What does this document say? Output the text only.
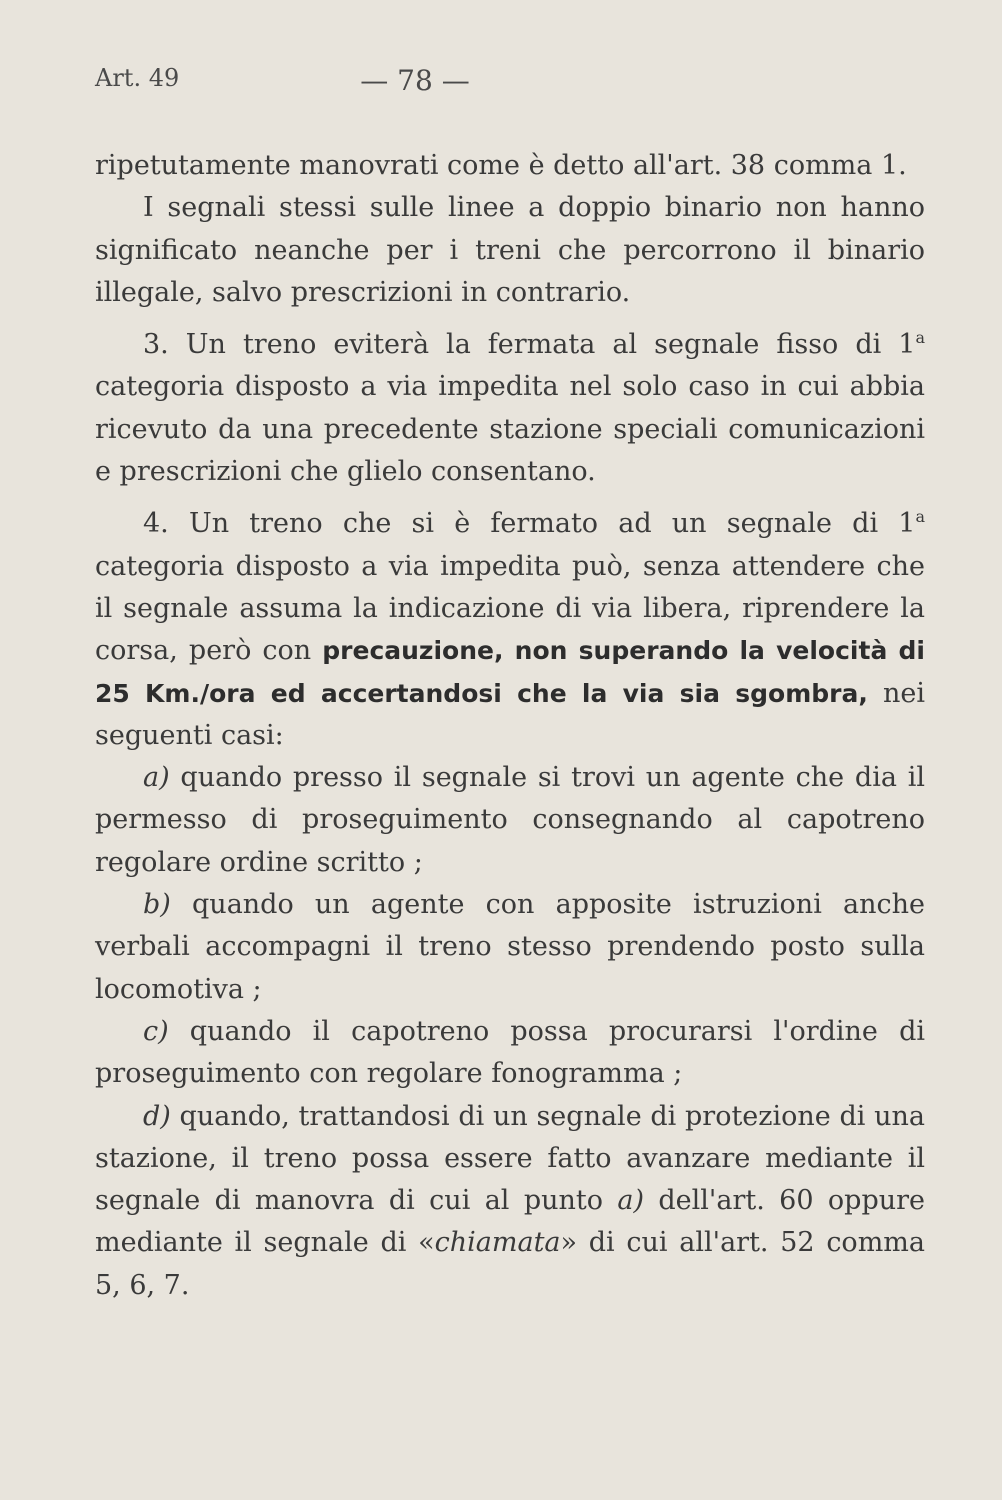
Art. 49	— 78 —

ripetutamente manovrati come è detto all'art. 38 comma 1.

I segnali stessi sulle linee a doppio binario non hanno significato neanche per i treni che percorrono il binario illegale, salvo prescrizioni in contrario.

3. Un treno eviterà la fermata al segnale fisso di 1$^a$ categoria disposto a via impedita nel solo caso in cui abbia ricevuto da una precedente stazione speciali comunicazioni e prescrizioni che glielo consentano.

4. Un treno che si è fermato ad un segnale di 1$^a$ categoria disposto a via impedita può, senza attendere che il segnale assuma la indicazione di via libera, riprendere la corsa, però con precauzione, non superando la velocità di 25 Km./ora ed accertandosi che la via sia sgombra, nei seguenti casi:

a) quando presso il segnale si trovi un agente che dia il permesso di proseguimento consegnando al capotreno regolare ordine scritto ;

b) quando un agente con apposite istruzioni anche verbali accompagni il treno stesso prendendo posto sulla locomotiva ;

c) quando il capotreno possa procurarsi l'ordine di proseguimento con regolare fonogramma ;

d) quando, trattandosi di un segnale di protezione di una stazione, il treno possa essere fatto avanzare mediante il segnale di manovra di cui al punto a) dell'art. 60 oppure mediante il segnale di «chiamata» di cui all'art. 52 comma 5, 6, 7.
